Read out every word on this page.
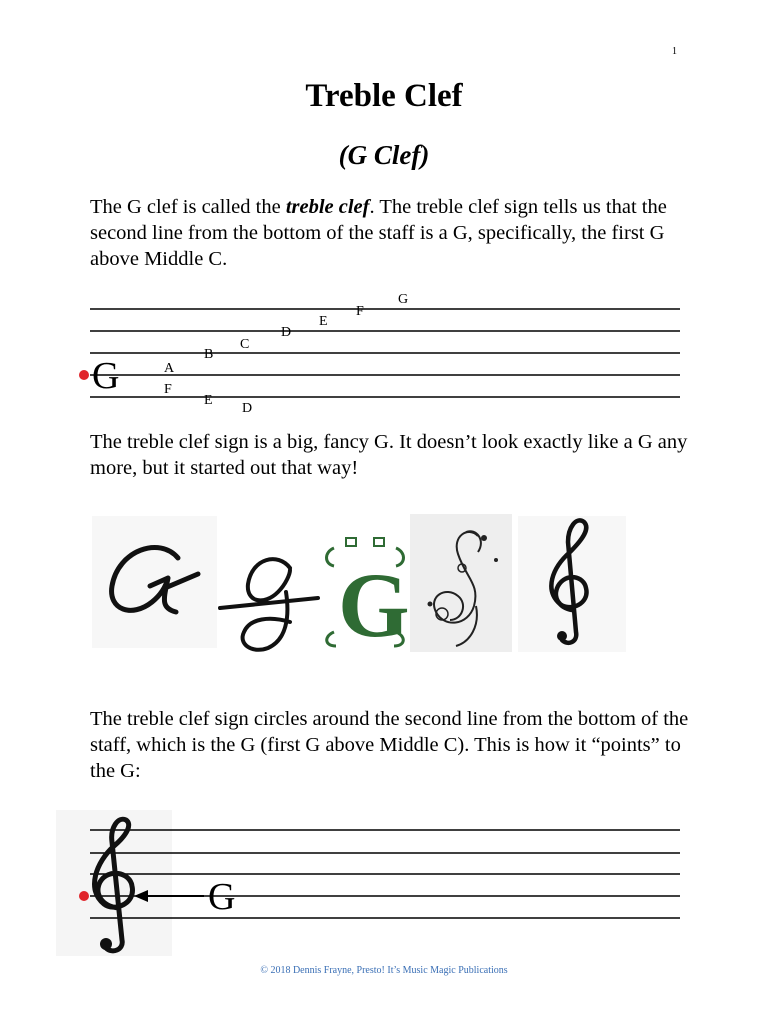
1
Treble Clef
(G Clef)
The G clef is called the treble clef. The treble clef sign tells us that the second line from the bottom of the staff is a G, specifically, the first G above Middle C.
G	F
A
E
B
D
C
D
E
F
G
The treble clef sign is a big, fancy G. It doesn’t look exactly like a G any more, but it started out that way!
G
The treble clef sign circles around the second line from the bottom of the staff, which is the G (first G above Middle C). This is how it “points” to the G:
G
© 2018 Dennis Frayne, Presto! It’s Music Magic Publications
